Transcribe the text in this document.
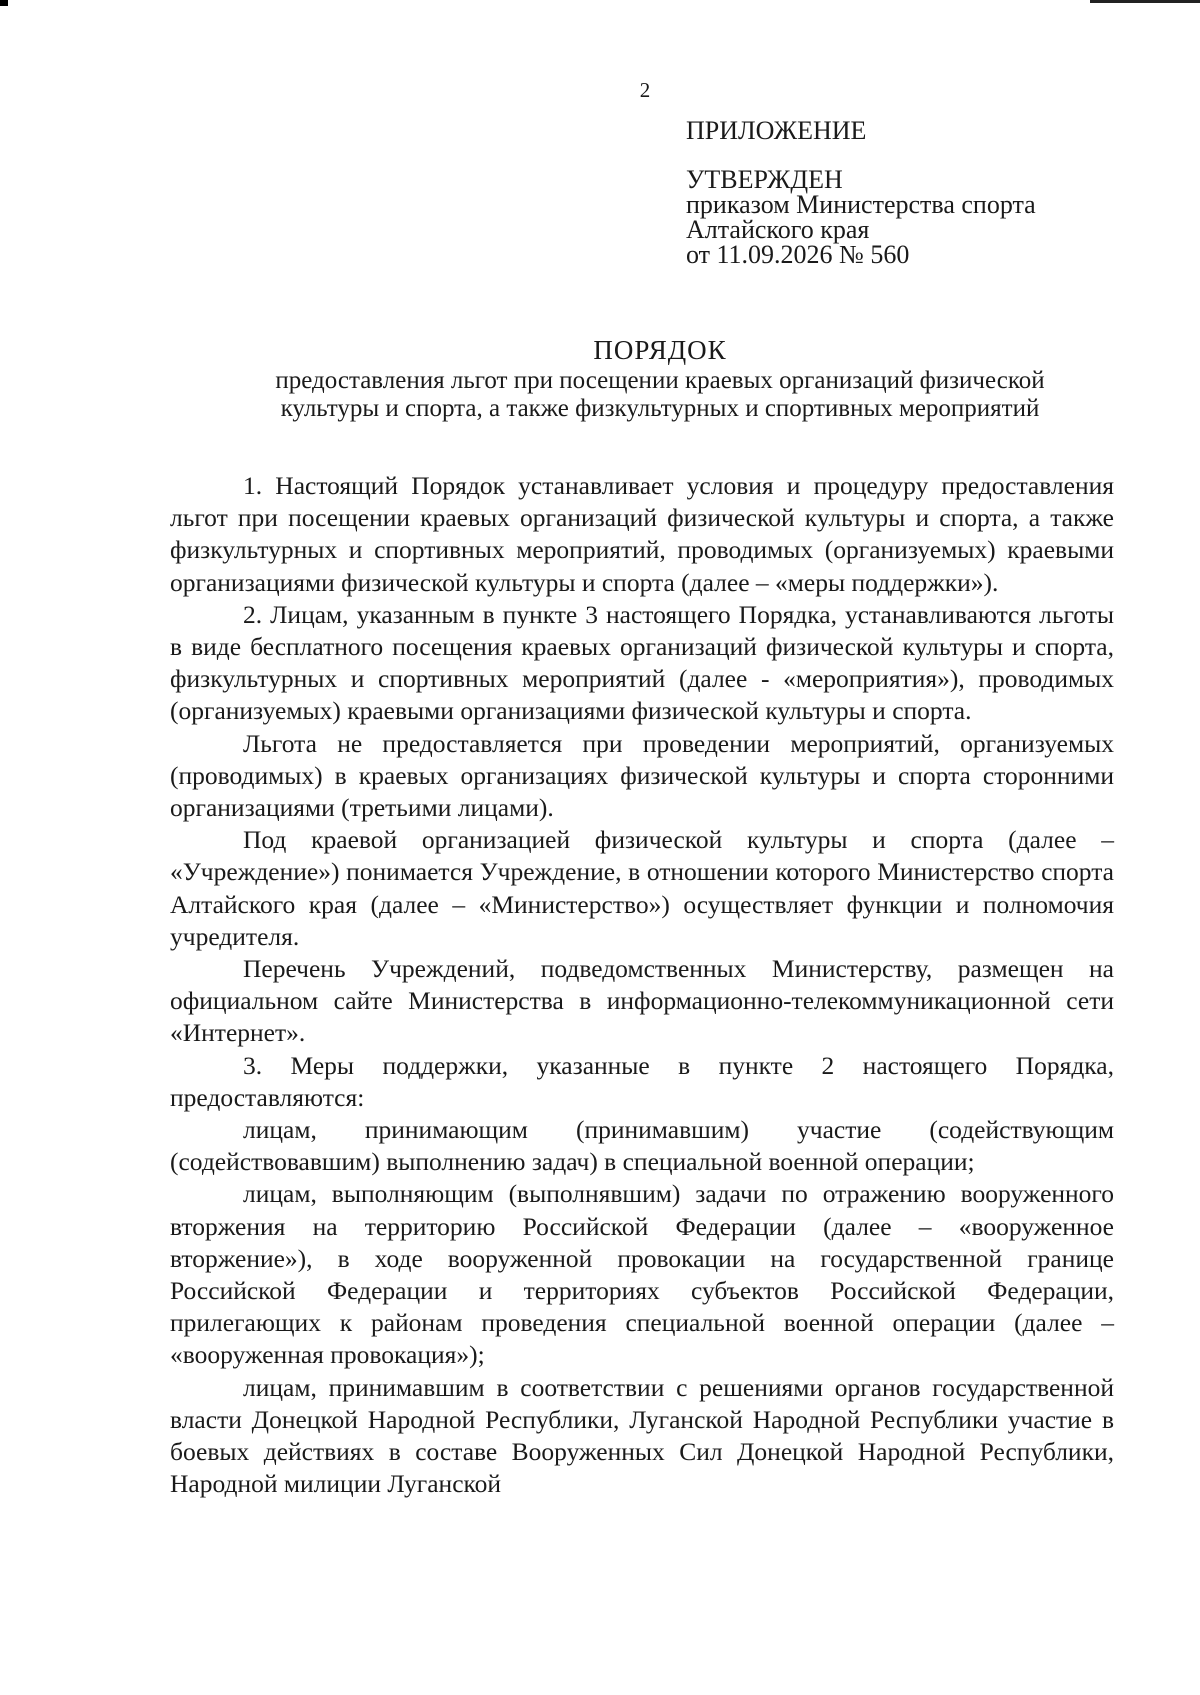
2
ПРИЛОЖЕНИЕ
УТВЕРЖДЕН
приказом Министерства спорта
Алтайского края
от 11.09.2026 № 560
ПОРЯДОК
предоставления льгот при посещении краевых организаций физической
культуры и спорта, а также физкультурных и спортивных мероприятий

1. Настоящий Порядок устанавливает условия и процедуру предоставления льгот при посещении краевых организаций физической культуры и спорта, а также физкультурных и спортивных мероприятий, проводимых (организуемых) краевыми организациями физической культуры и спорта (далее – «меры поддержки»).

2. Лицам, указанным в пункте 3 настоящего Порядка, устанавливаются льготы в виде бесплатного посещения краевых организаций физической культуры и спорта, физкультурных и спортивных мероприятий (далее - «мероприятия»), проводимых (организуемых) краевыми организациями физической культуры и спорта.

Льгота не предоставляется при проведении мероприятий, организуемых (проводимых) в краевых организациях физической культуры и спорта сторонними организациями (третьими лицами).

Под краевой организацией физической культуры и спорта (далее – «Учреждение») понимается Учреждение, в отношении которого Министерство спорта Алтайского края (далее – «Министерство») осуществляет функции и полномочия учредителя.

Перечень Учреждений, подведомственных Министерству, размещен на официальном сайте Министерства в информационно-телекоммуникационной сети «Интернет».

3. Меры поддержки, указанные в пункте 2 настоящего Порядка, предоставляются:

лицам, принимающим (принимавшим) участие (содействующим (содействовавшим) выполнению задач) в специальной военной операции;

лицам, выполняющим (выполнявшим) задачи по отражению вооруженного вторжения на территорию Российской Федерации (далее – «вооруженное вторжение»), в ходе вооруженной провокации на государственной границе Российской Федерации и территориях субъектов Российской Федерации, прилегающих к районам проведения специальной военной операции (далее – «вооруженная провокация»);

лицам, принимавшим в соответствии с решениями органов государственной власти Донецкой Народной Республики, Луганской Народной Республики участие в боевых действиях в составе Вооруженных Сил Донецкой Народной Республики, Народной милиции Луганской
